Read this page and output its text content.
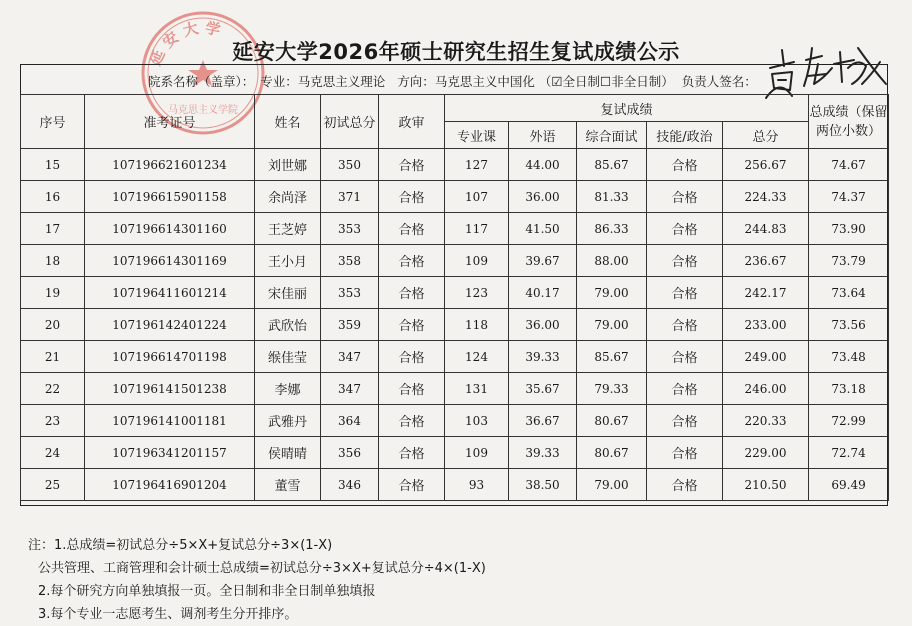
延 安 大 学
马克思主义学院
延安大学2026年硕士研究生招生复试成绩公示
院系名称（盖章）： 专业： 马克思主义理论 方向： 马克思主义中国化 （☑全日制☐非全日制） 负责人签名：
序号	准考证号	姓名	初试总分	政审	复试成绩					总成绩（保留两位小数）
					专业课	外语	综合面试	技能/政治	总分	
15	107196621601234	刘世娜	350	合格	127	44.00	85.67	合格	256.67	74.67
16	107196615901158	余尚泽	371	合格	107	36.00	81.33	合格	224.33	74.37
17	107196614301160	王芝婷	353	合格	117	41.50	86.33	合格	244.83	73.90
18	107196614301169	王小月	358	合格	109	39.67	88.00	合格	236.67	73.79
19	107196411601214	宋佳丽	353	合格	123	40.17	79.00	合格	242.17	73.64
20	107196142401224	武欣怡	359	合格	118	36.00	79.00	合格	233.00	73.56
21	107196614701198	缑佳莹	347	合格	124	39.33	85.67	合格	249.00	73.48
22	107196141501238	李娜	347	合格	131	35.67	79.33	合格	246.00	73.18
23	107196141001181	武雅丹	364	合格	103	36.67	80.67	合格	220.33	72.99
24	107196341201157	侯晴晴	356	合格	109	39.33	80.67	合格	229.00	72.74
25	107196416901204	董雪	346	合格	93	38.50	79.00	合格	210.50	69.49
注：1.总成绩=初试总分÷5×X+复试总分÷3×(1-X)
公共管理、工商管理和会计硕士总成绩=初试总分÷3×X+复试总分÷4×(1-X)
2.每个研究方向单独填报一页。全日制和非全日制单独填报
3.每个专业一志愿考生、调剂考生分开排序。
